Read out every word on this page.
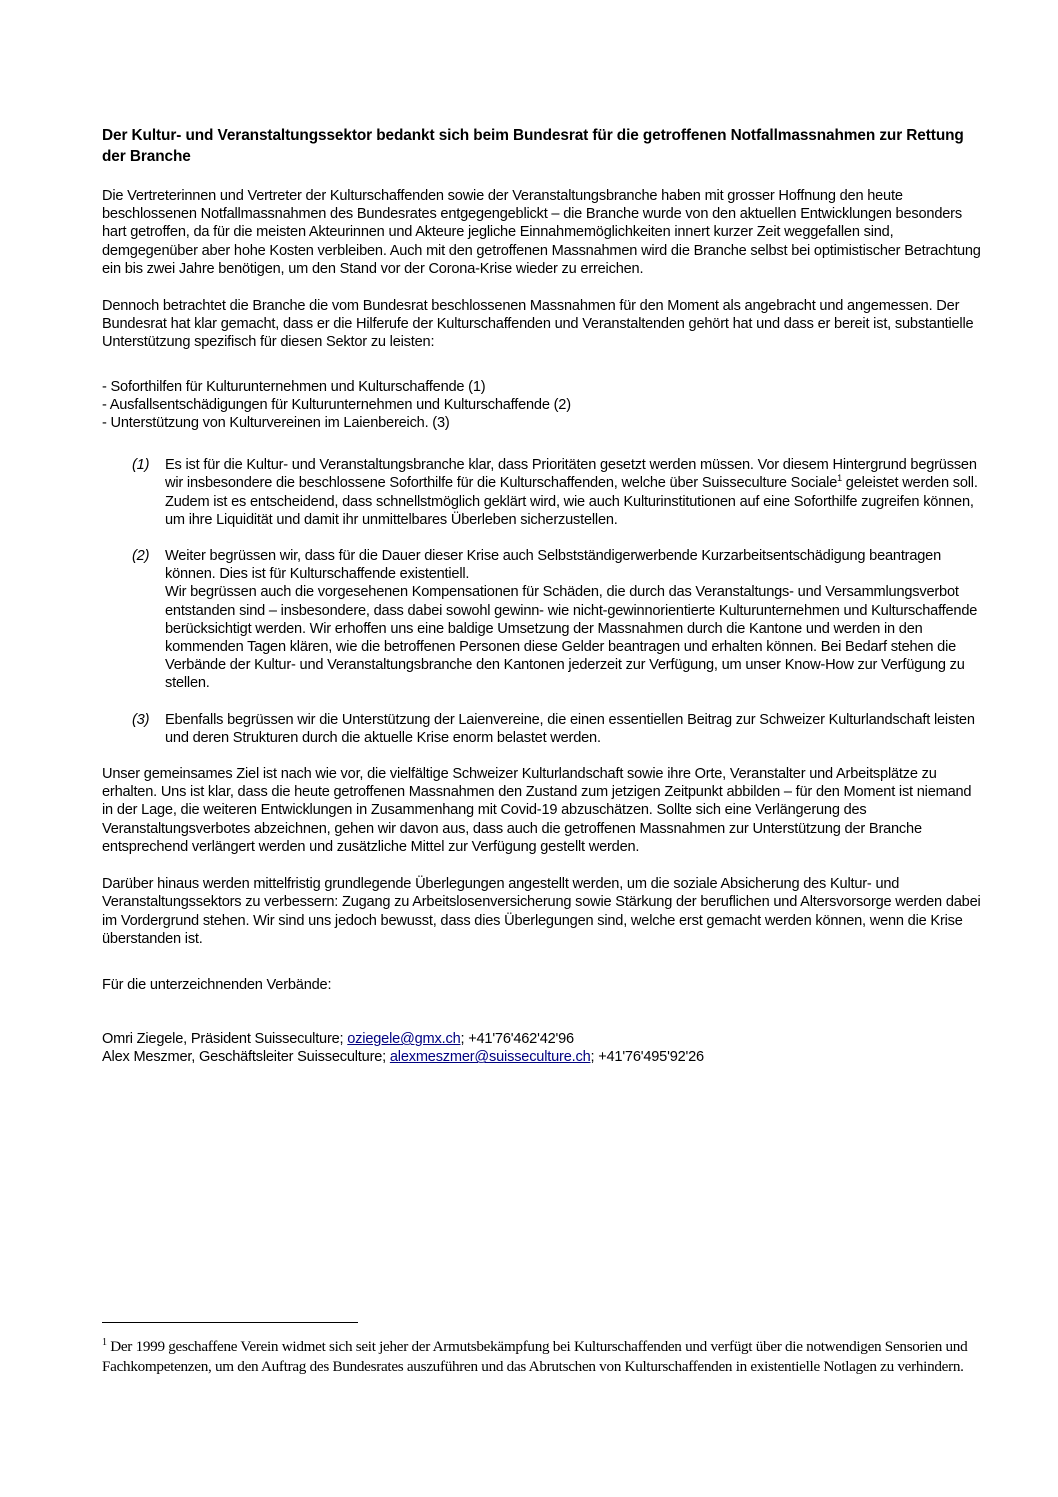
Der Kultur- und Veranstaltungssektor bedankt sich beim Bundesrat für die getroffenen Notfallmassnahmen zur Rettung der Branche

Die Vertreterinnen und Vertreter der Kulturschaffenden sowie der Veranstaltungsbranche haben mit grosser Hoffnung den heute beschlossenen Notfallmassnahmen des Bundesrates entgegengeblickt – die Branche wurde von den aktuellen Entwicklungen besonders hart getroffen, da für die meisten Akteurinnen und Akteure jegliche Einnahmemöglichkeiten innert kurzer Zeit weggefallen sind, demgegenüber aber hohe Kosten verbleiben. Auch mit den getroffenen Massnahmen wird die Branche selbst bei optimistischer Betrachtung ein bis zwei Jahre benötigen, um den Stand vor der Corona-Krise wieder zu erreichen.

Dennoch betrachtet die Branche die vom Bundesrat beschlossenen Massnahmen für den Moment als angebracht und angemessen. Der Bundesrat hat klar gemacht, dass er die Hilferufe der Kulturschaffenden und Veranstaltenden gehört hat und dass er bereit ist, substantielle Unterstützung spezifisch für diesen Sektor zu leisten:

- Soforthilfen für Kulturunternehmen und Kulturschaffende (1)
- Ausfallsentschädigungen für Kulturunternehmen und Kulturschaffende (2)
- Unterstützung von Kulturvereinen im Laienbereich. (3)
(1) Es ist für die Kultur- und Veranstaltungsbranche klar, dass Prioritäten gesetzt werden müssen. Vor diesem Hintergrund begrüssen wir insbesondere die beschlossene Soforthilfe für die Kulturschaffenden, welche über Suisseculture Sociale$^1$ geleistet werden soll.
Zudem ist es entscheidend, dass schnellstmöglich geklärt wird, wie auch Kulturinstitutionen auf eine Soforthilfe zugreifen können, um ihre Liquidität und damit ihr unmittelbares Überleben sicherzustellen.
(2) Weiter begrüssen wir, dass für die Dauer dieser Krise auch Selbstständigerwerbende Kurzarbeitsentschädigung beantragen können. Dies ist für Kulturschaffende existentiell.
Wir begrüssen auch die vorgesehenen Kompensationen für Schäden, die durch das Veranstaltungs- und Versammlungsverbot entstanden sind – insbesondere, dass dabei sowohl gewinn- wie nicht-gewinnorientierte Kulturunternehmen und Kulturschaffende berücksichtigt werden. Wir erhoffen uns eine baldige Umsetzung der Massnahmen durch die Kantone und werden in den kommenden Tagen klären, wie die betroffenen Personen diese Gelder beantragen und erhalten können. Bei Bedarf stehen die Verbände der Kultur- und Veranstaltungsbranche den Kantonen jederzeit zur Verfügung, um unser Know-How zur Verfügung zu stellen.
(3) Ebenfalls begrüssen wir die Unterstützung der Laienvereine, die einen essentiellen Beitrag zur Schweizer Kulturlandschaft leisten und deren Strukturen durch die aktuelle Krise enorm belastet werden.

Unser gemeinsames Ziel ist nach wie vor, die vielfältige Schweizer Kulturlandschaft sowie ihre Orte, Veranstalter und Arbeitsplätze zu erhalten. Uns ist klar, dass die heute getroffenen Massnahmen den Zustand zum jetzigen Zeitpunkt abbilden – für den Moment ist niemand in der Lage, die weiteren Entwicklungen in Zusammenhang mit Covid-19 abzuschätzen. Sollte sich eine Verlängerung des Veranstaltungsverbotes abzeichnen, gehen wir davon aus, dass auch die getroffenen Massnahmen zur Unterstützung der Branche entsprechend verlängert werden und zusätzliche Mittel zur Verfügung gestellt werden.

Darüber hinaus werden mittelfristig grundlegende Überlegungen angestellt werden, um die soziale Absicherung des Kultur- und Veranstaltungssektors zu verbessern: Zugang zu Arbeitslosenversicherung sowie Stärkung der beruflichen und Altersvorsorge werden dabei im Vordergrund stehen. Wir sind uns jedoch bewusst, dass dies Überlegungen sind, welche erst gemacht werden können, wenn die Krise überstanden ist.

Für die unterzeichnenden Verbände:

Omri Ziegele, Präsident Suisseculture; oziegele@gmx.ch; +41'76'462'42'96

Alex Meszmer, Geschäftsleiter Suisseculture; alexmeszmer@suisseculture.ch; +41'76'495'92'26

$^1$ Der 1999 geschaffene Verein widmet sich seit jeher der Armutsbekämpfung bei Kulturschaffenden und verfügt über die notwendigen Sensorien und Fachkompetenzen, um den Auftrag des Bundesrates auszuführen und das Abrutschen von Kulturschaffenden in existentielle Notlagen zu verhindern.
